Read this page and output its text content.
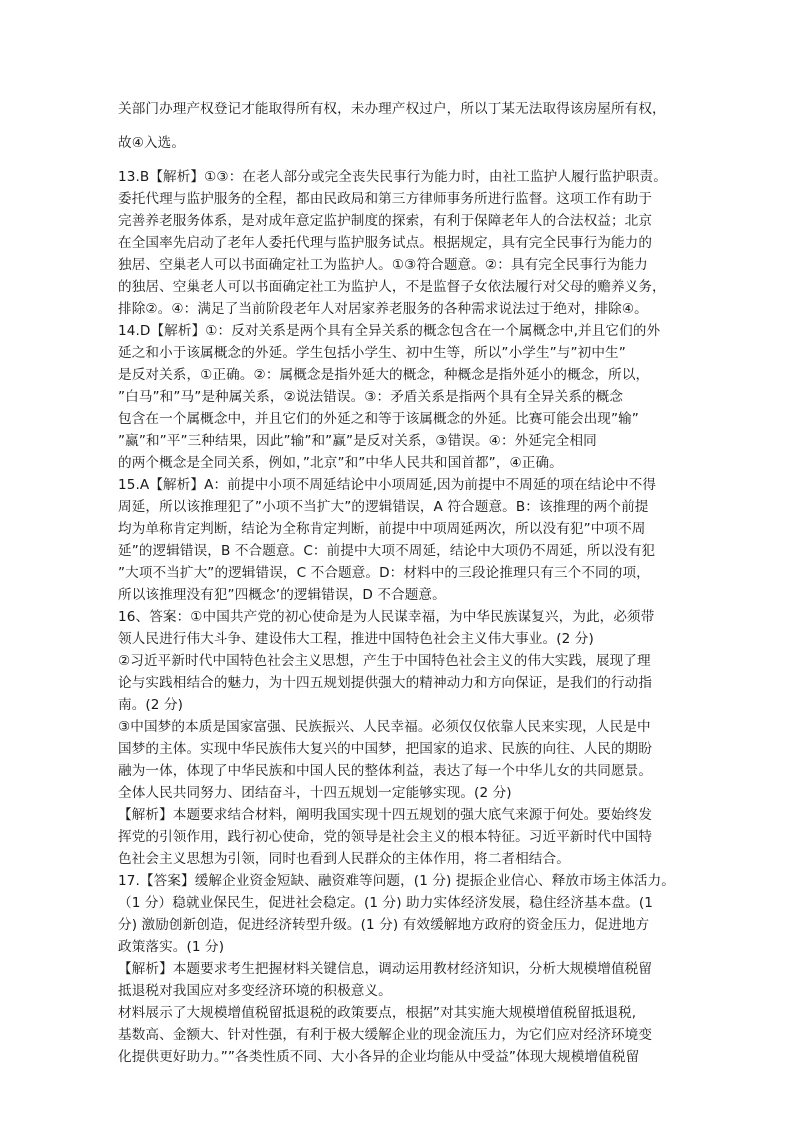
关部门办理产权登记才能取得所有权，未办理产权过户，所以丁某无法取得该房屋所有权，
故④入选。
13.B【解析】①③：在老人部分或完全丧失民事行为能力时，由社工监护人履行监护职责。
委托代理与监护服务的全程，都由民政局和第三方律师事务所进行监督。这项工作有助于
完善养老服务体系，是对成年意定监护制度的探索，有利于保障老年人的合法权益；北京
在全国率先启动了老年人委托代理与监护服务试点。根据规定，具有完全民事行为能力的
独居、空巢老人可以书面确定社工为监护人。①③符合题意。②：具有完全民事行为能力
的独居、空巢老人可以书面确定社工为监护人，不是监督子女依法履行对父母的赡养义务，
排除②。④：满足了当前阶段老年人对居家养老服务的各种需求说法过于绝对，排除④。
14.D【解析】①：反对关系是两个具有全异关系的概念包含在一个属概念中,并且它们的外
延之和小于该属概念的外延。学生包括小学生、初中生等，所以”小学生”与”初中生”
是反对关系，①正确。②：属概念是指外延大的概念，种概念是指外延小的概念，所以，
”白马”和”马”是种属关系，②说法错误。③：矛盾关系是指两个具有全异关系的概念
包含在一个属概念中，并且它们的外延之和等于该属概念的外延。比赛可能会出现”输”
”赢”和”平”三种结果，因此”输”和”赢”是反对关系，③错误。④：外延完全相同
的两个概念是全同关系，例如，”北京”和”中华人民共和国首都”，④正确。
15.A【解析】A：前提中小项不周延结论中小项周延,因为前提中不周延的项在结论中不得
周延，所以该推理犯了”小项不当扩大”的逻辑错误，A 符合题意。B：该推理的两个前提
均为单称肯定判断，结论为全称肯定判断，前提中中项周延两次，所以没有犯”中项不周
延”的逻辑错误，B 不合题意。C：前提中大项不周延，结论中大项仍不周延，所以没有犯
”大项不当扩大”的逻辑错误，C 不合题意。D：材料中的三段论推理只有三个不同的项，
所以该推理没有犯”四概念’的逻辑错误，D 不合题意。
16、答案：①中国共产党的初心使命是为人民谋幸福，为中华民族谋复兴，为此，必须带
领人民进行伟大斗争、建设伟大工程，推进中国特色社会主义伟大事业。(2 分)
②习近平新时代中国特色社会主义思想，产生于中国特色社会主义的伟大实践，展现了理
论与实践相结合的魅力，为十四五规划提供强大的精神动力和方向保证，是我们的行动指
南。(2 分)
③中国梦的本质是国家富强、民族振兴、人民幸福。必须仅仅依靠人民来实现，人民是中
国梦的主体。实现中华民族伟大复兴的中国梦，把国家的追求、民族的向往、人民的期盼
融为一体，体现了中华民族和中国人民的整体利益，表达了每一个中华儿女的共同愿景。
全体人民共同努力、团结奋斗，十四五规划一定能够实现。(2 分)
【解析】本题要求结合材料，阐明我国实现十四五规划的强大底气来源于何处。要始终发
挥党的引领作用，践行初心使命，党的领导是社会主义的根本特征。习近平新时代中国特
色社会主义思想为引领，同时也看到人民群众的主体作用，将二者相结合。
17.【答案】缓解企业资金短缺、融资难等问题，(1 分) 提振企业信心、释放市场主体活力。
（1 分）稳就业保民生，促进社会稳定。(1 分) 助力实体经济发展，稳住经济基本盘。(1
分) 激励创新创造，促进经济转型升级。(1 分) 有效缓解地方政府的资金压力，促进地方
政策落实。(1 分)
【解析】本题要求考生把握材料关键信息，调动运用教材经济知识，分析大规模增值税留
抵退税对我国应对多变经济环境的积极意义。
材料展示了大规模增值税留抵退税的政策要点，根据”对其实施大规模增值税留抵退税,
基数高、金额大、针对性强，有利于极大缓解企业的现金流压力，为它们应对经济环境变
化提供更好助力。””各类性质不同、大小各异的企业均能从中受益”体现大规模增值税留
